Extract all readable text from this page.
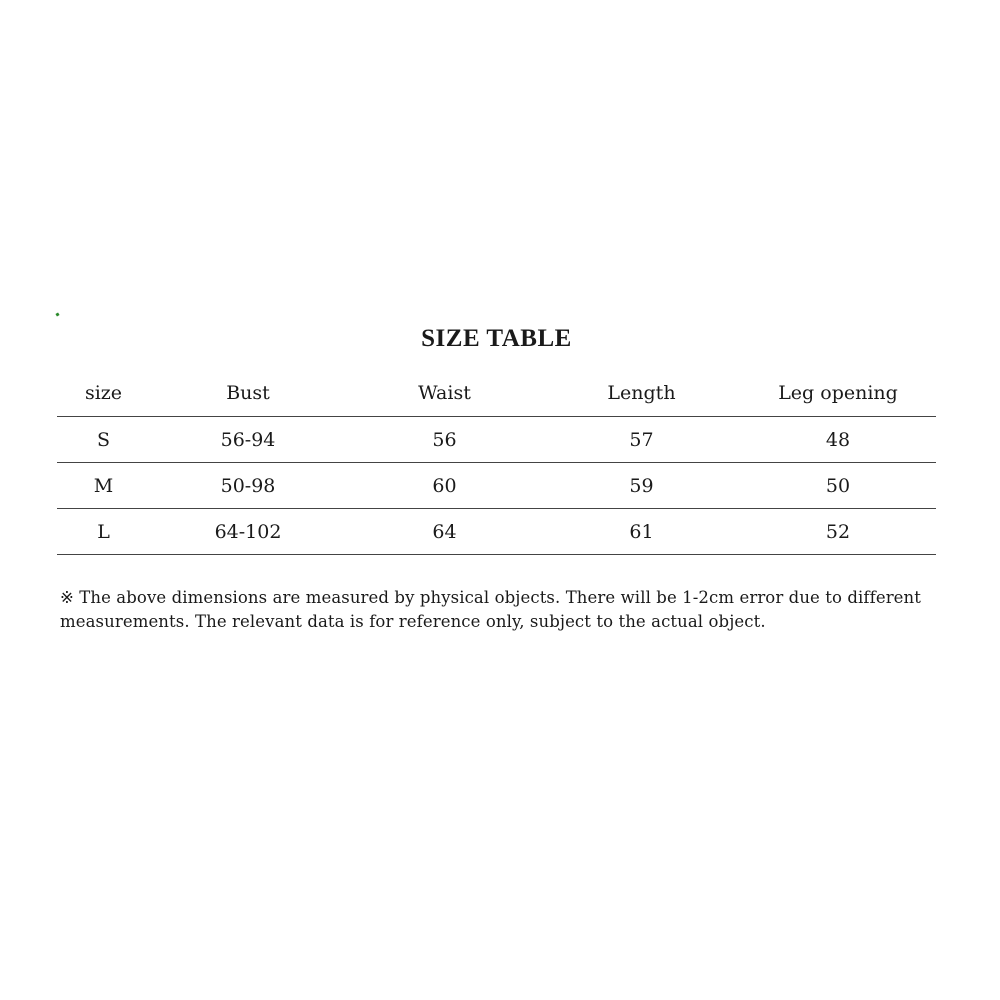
SIZE TABLE
size	Bust	Waist	Length	Leg opening
S	56-94	56	57	48
M	50-98	60	59	50
L	64-102	64	61	52

※ The above dimensions are measured by physical objects. There will be 1-2cm error due to different measurements. The relevant data is for reference only, subject to the actual object.
